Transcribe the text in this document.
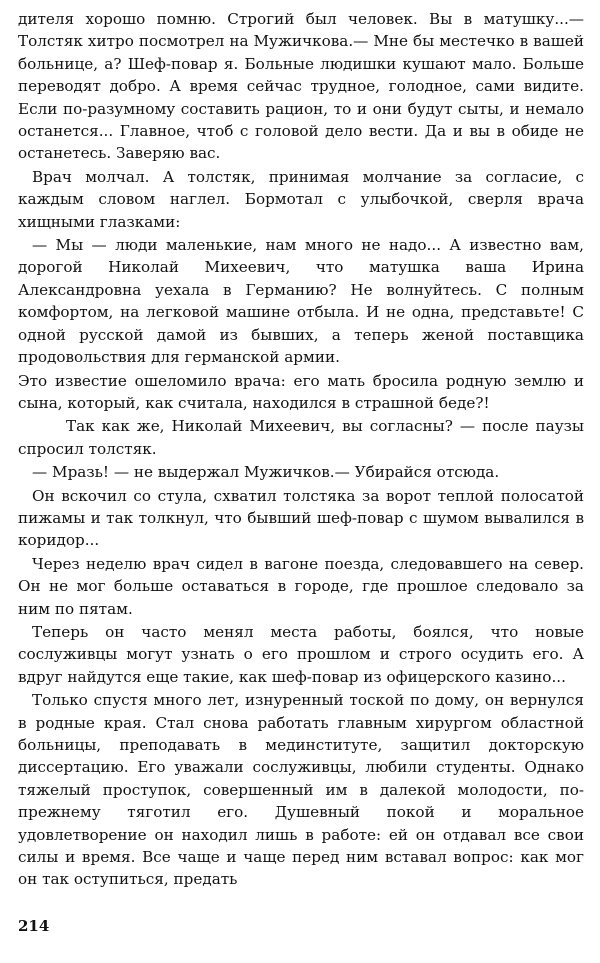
дителя хорошо помню. Строгий был человек. Вы в матушку...— Толстяк хитро посмотрел на Мужичкова.— Мне бы местечко в вашей больнице, а? Шеф-повар я. Больные людишки кушают мало. Больше переводят добро. А время сейчас трудное, голодное, сами видите. Если по-разумному составить рацион, то и они будут сыты, и немало останется... Главное, чтоб с головой дело вести. Да и вы в обиде не останетесь. Заверяю вас.

Врач молчал. А толстяк, принимая молчание за согласие, с каждым словом наглел. Бормотал с улыбочкой, сверля врача хищными глазками:

— Мы — люди маленькие, нам много не надо... А известно вам, дорогой Николай Михеевич, что матушка ваша Ирина Александровна уехала в Германию? Не волнуйтесь. С полным комфортом, на легковой машине отбыла. И не одна, представьте! С одной русской дамой из бывших, а теперь женой поставщика продовольствия для германской армии.

Это известие ошеломило врача: его мать бросила родную землю и сына, который, как считала, находился в страшной беде?!

Так как же, Николай Михеевич, вы согласны? — после паузы спросил толстяк.

— Мразь! — не выдержал Мужичков.— Убирайся отсюда.

Он вскочил со стула, схватил толстяка за ворот теплой полосатой пижамы и так толкнул, что бывший шеф-повар с шумом вывалился в коридор...

Через неделю врач сидел в вагоне поезда, следовавшего на север. Он не мог больше оставаться в городе, где прошлое следовало за ним по пятам.

Теперь он часто менял места работы, боялся, что новые сослуживцы могут узнать о его прошлом и строго осудить его. А вдруг найдутся еще такие, как шеф-повар из офицерского казино...

Только спустя много лет, изнуренный тоской по дому, он вернулся в родные края. Стал снова работать главным хирургом областной больницы, преподавать в мединституте, защитил докторскую диссертацию. Его уважали сослуживцы, любили студенты. Однако тяжелый проступок, совершенный им в далекой молодости, по-прежнему тяготил его. Душевный покой и моральное удовлетворение он находил лишь в работе: ей он отдавал все свои силы и время. Все чаще и чаще перед ним вставал вопрос: как мог он так оступиться, предать

214
